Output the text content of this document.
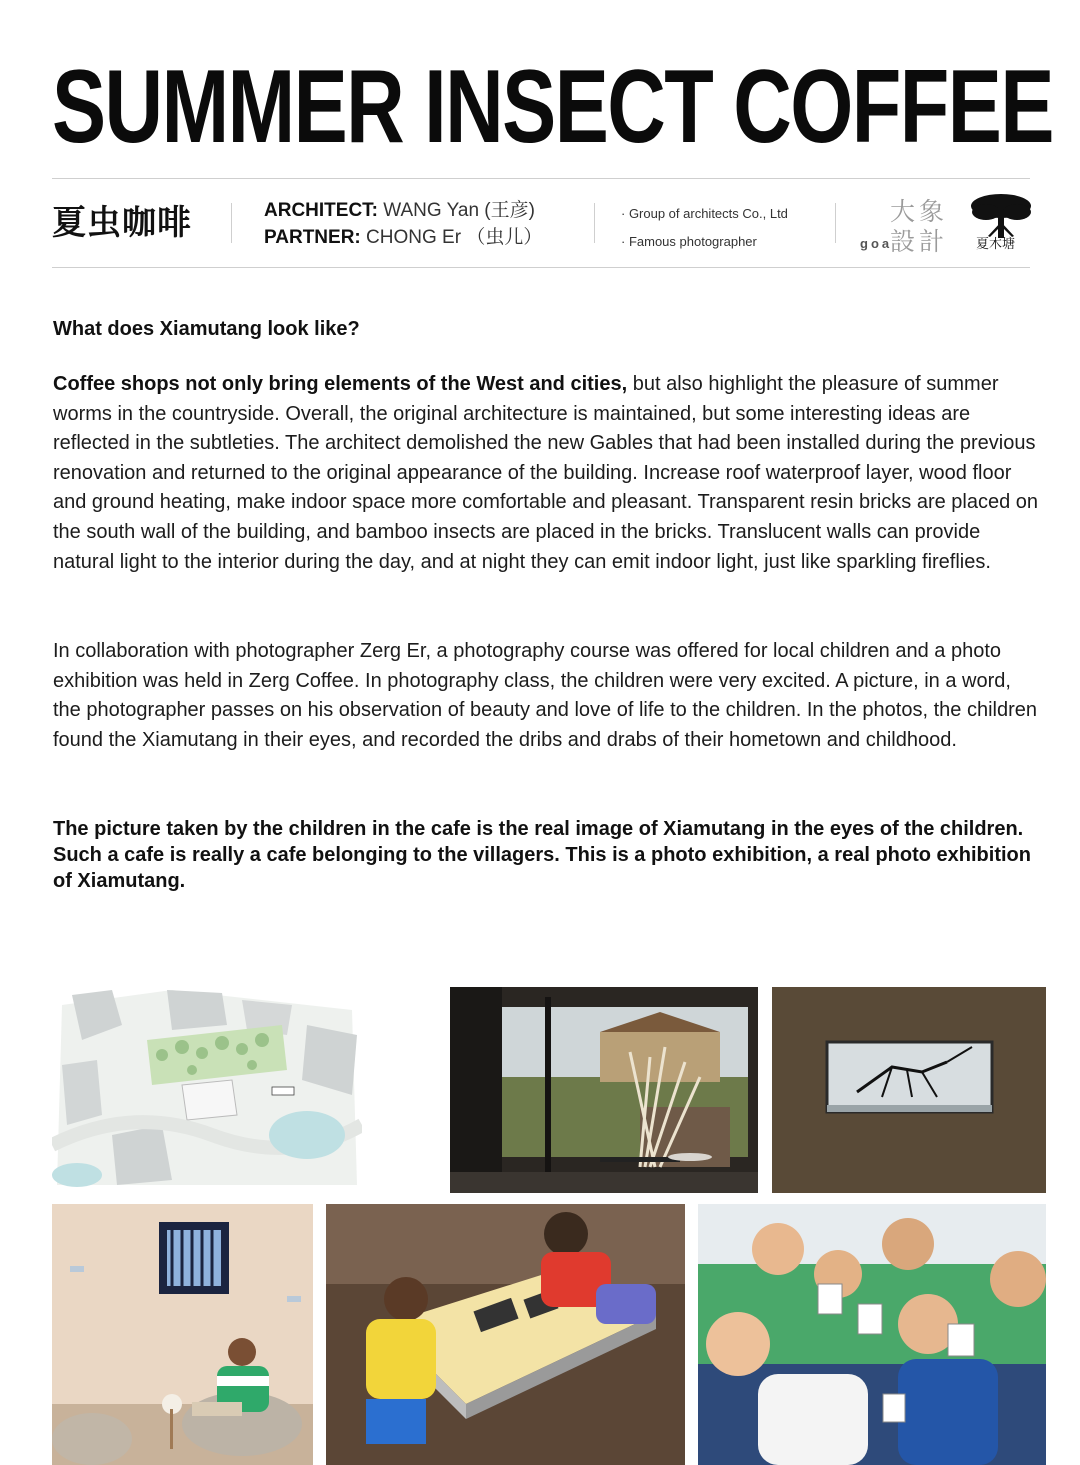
SUMMER INSECT COFFEE
夏虫咖啡	ARCHITECT: WANG Yan (王彦)
PARTNER: CHONG Er （虫儿）
· Group of architects Co., Ltd
· Famous photographer
大象
設計
goa	夏木塘
What does Xiamutang look like?
Coffee shops not only bring elements of the West and cities, but also highlight the pleasure of summer worms in the countryside. Overall, the original architecture is maintained, but some interesting ideas are reflected in the subtleties. The architect demolished the new Gables that had been installed during the previous renovation and returned to the original appearance of the building. Increase roof waterproof layer, wood floor and ground heating, make indoor space more comfortable and pleasant. Transparent resin bricks are placed on the south wall of the building, and bamboo insects are placed in the bricks. Translucent walls can provide natural light to the interior during the day, and at night they can emit indoor light, just like sparkling fireflies.
In collaboration with photographer Zerg Er, a photography course was offered for local children and a photo exhibition was held in Zerg Coffee. In photography class, the children were very excited. A picture, in a word, the photographer passes on his observation of beauty and love of life to the children. In the photos, the children found the Xiamutang in their eyes, and recorded the dribs and drabs of their hometown and childhood.
The picture taken by the children in the cafe is the real image of Xiamutang in the eyes of the children. Such a cafe is really a cafe belonging to the villagers. This is a photo exhibition, a real photo exhibition of Xiamutang.
